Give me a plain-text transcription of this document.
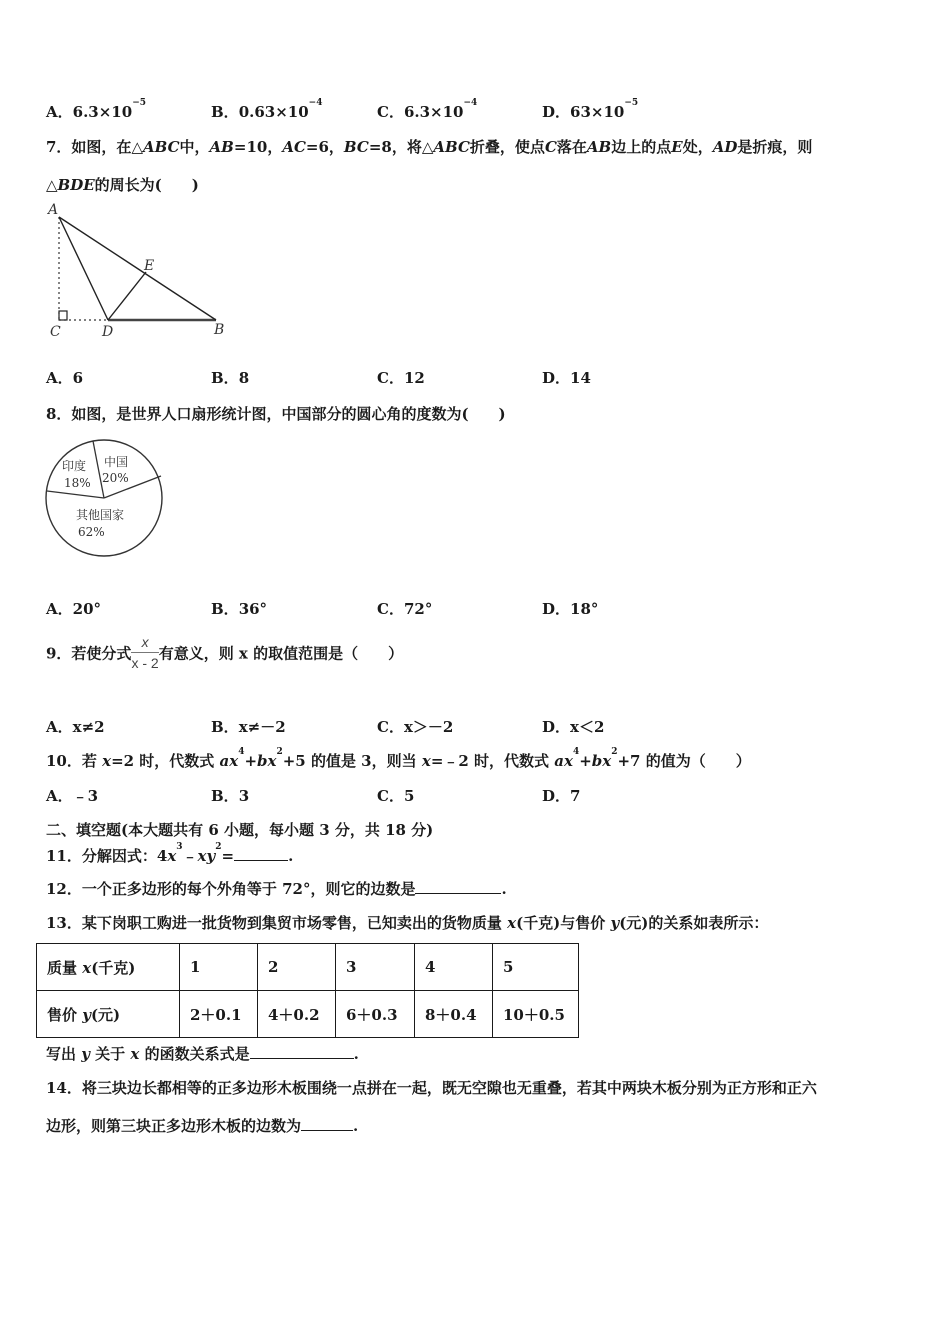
A．$6.3\times 10^{-5}$	B．$0.63\times 10^{-4}$	C．$6.3\times 10^{-4}$	D．$63\times 10^{-5}$
7．如图，在△ABC中，AB=10，AC=6，BC=8，将△ABC折叠，使点C落在AB边上的点E处，AD是折痕，则
△BDE的周长为(　　)
A
E
C	D	B
A．6	B．8	C．12	D．14
8．如图，是世界人口扇形统计图，中国部分的圆心角的度数为(　　)
印度
18%
中国
20%
其他国家
62%
A．20°	B．36°	C．72°	D．18°
9．若使分式 $\frac{x}{x - 2}$ 有意义，则 x 的取值范围是（　　）
A．x≠2	B．x≠－2	C．x＞－2	D．x＜2
10．若 x=2 时，代数式 $ax^4+bx^2+5$ 的值是 3，则当 x=﹣2 时，代数式 $ax^4+bx^2+7$ 的值为（　　）
A．﹣3	B．3	C．5	D．7
二、填空题(本大题共有 6 小题，每小题 3 分，共 18 分)
11．分解因式：$4x^3﹣xy^2=$	.
12．一个正多边形的每个外角等于 72°，则它的边数是	.
13．某下岗职工购进一批货物到集贸市场零售，已知卖出的货物质量 x(千克)与售价 y(元)的关系如表所示：
质量 x(千克)	1	2	3	4	5
售价 y(元)	2＋0.1	4＋0.2	6＋0.3	8＋0.4	10＋0.5
写出 y 关于 x 的函数关系式是	.
14．将三块边长都相等的正多边形木板围绕一点拼在一起，既无空隙也无重叠，若其中两块木板分别为正方形和正六
边形，则第三块正多边形木板的边数为	.
